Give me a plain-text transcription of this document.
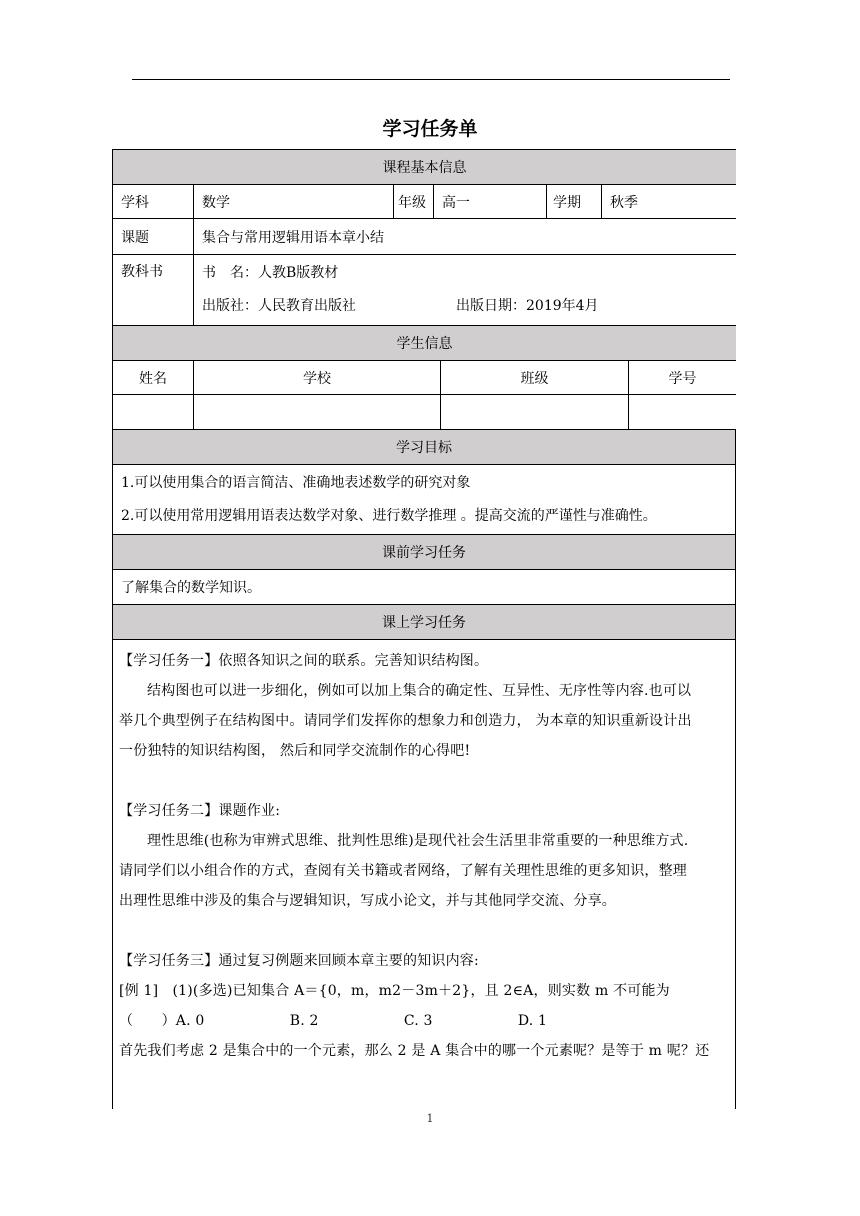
学习任务单
课程基本信息					
学科	数学	年级	高一	学期	秋季
课题	集合与常用逻辑用语本章小结				
教科书	书　名：人教B版教材
出版社：人民教育出版社 出版日期：2019年4月				
学生信息			
姓名	学校	班级	学号

学习目标

1.可以使用集合的语言简洁、准确地表述数学的研究对象
2.可以使用常用逻辑用语表达数学对象、进行数学推理 。提高交流的严谨性与准确性。

课前学习任务
了解集合的数学知识。
课上学习任务

【学习任务一】依照各知识之间的联系。完善知识结构图。

结构图也可以进一步细化，例如可以加上集合的确定性、互异性、无序性等内容.也可以

举几个典型例子在结构图中。请同学们发挥你的想象力和创造力， 为本章的知识重新设计出

一份独特的知识结构图， 然后和同学交流制作的心得吧!

【学习任务二】课题作业:

理性思维(也称为审辨式思维、批判性思维)是现代社会生活里非常重要的一种思维方式.

请同学们以小组合作的方式，查阅有关书籍或者网络，了解有关理性思维的更多知识，整理

出理性思维中涉及的集合与逻辑知识，写成小论文，并与其他同学交流、分享。

【学习任务三】通过复习例题来回顾本章主要的知识内容:

[例 1]　(1)(多选)已知集合 A＝{0，m，m2－3m＋2}，且 2∈A，则实数 m 不可能为

（　　）A. 0　　　　　　B. 2　　　　　　C. 3　　　　　　D. 1

首先我们考虑 2 是集合中的一个元素，那么 2 是 A 集合中的哪一个元素呢？是等于 m 呢？还

1
